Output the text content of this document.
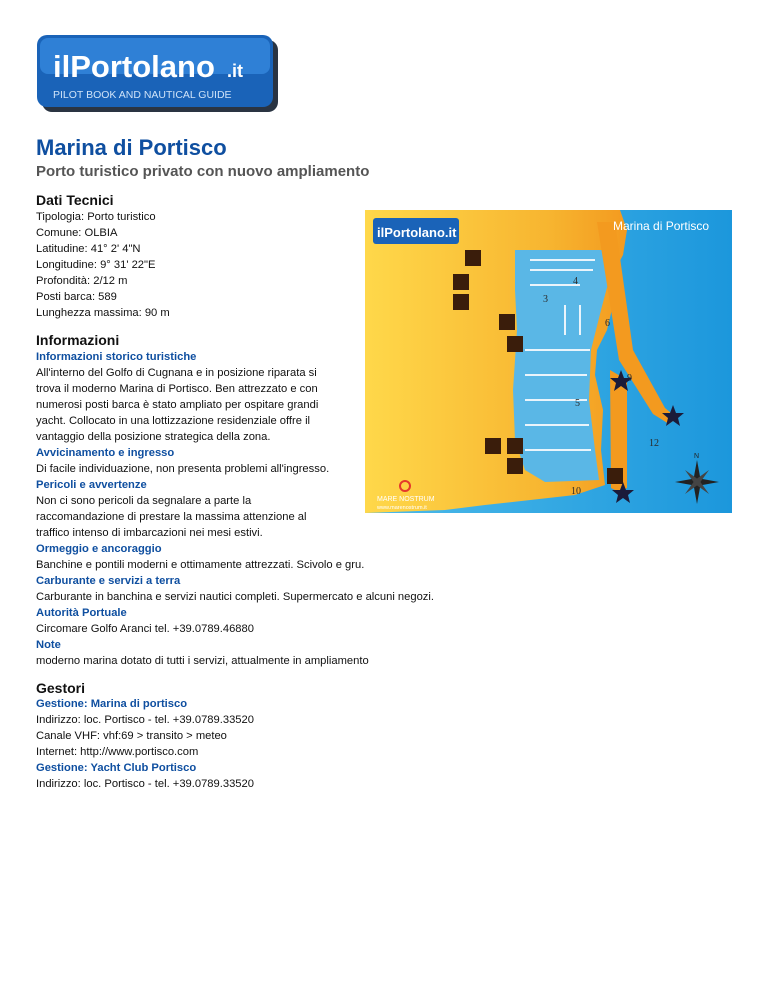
ilPortolano .it
PILOT BOOK AND NAUTICAL GUIDE
Marina di Portisco
Porto turistico privato con nuovo ampliamento
Dati Tecnici
Tipologia: Porto turistico
Comune: OLBIA
Latitudine: 41° 2' 4"N
Longitudine: 9° 31' 22"E
Profondità: 2/12 m
Posti barca: 589
Lunghezza massima: 90 m
Informazioni
Informazioni storico turistiche
All'interno del Golfo di Cugnana e in posizione riparata si
trova il moderno Marina di Portisco. Ben attrezzato e con
numerosi posti barca è stato ampliato per ospitare grandi
yacht. Collocato in una lottizzazione residenziale offre il
vantaggio della posizione strategica della zona.
Avvicinamento e ingresso
Di facile individuazione, non presenta problemi all'ingresso.
Pericoli e avvertenze
Non ci sono pericoli da segnalare a parte la
raccomandazione di prestare la massima attenzione al
traffico intenso di imbarcazioni nei mesi estivi.
Ormeggio e ancoraggio
Banchine e pontili moderni e ottimamente attrezzati. Scivolo e gru.
Carburante e servizi a terra
Carburante in banchina e servizi nautici completi. Supermercato e alcuni negozi.
Autorità Portuale
Circomare Golfo Aranci tel. +39.0789.46880
Note
moderno marina dotato di tutti i servizi, attualmente in ampliamento
Gestori
Gestione: Marina di portisco
Indirizzo: loc. Portisco - tel. +39.0789.33520
Canale VHF: vhf:69 > transito > meteo
Internet: http://www.portisco.com
Gestione: Yacht Club Portisco
Indirizzo: loc. Portisco - tel. +39.0789.33520
ilPortolano.it	Marina di Portisco
4
3
6
5
12
10
N
MARE NOSTRUM
www.marenostrum.it
